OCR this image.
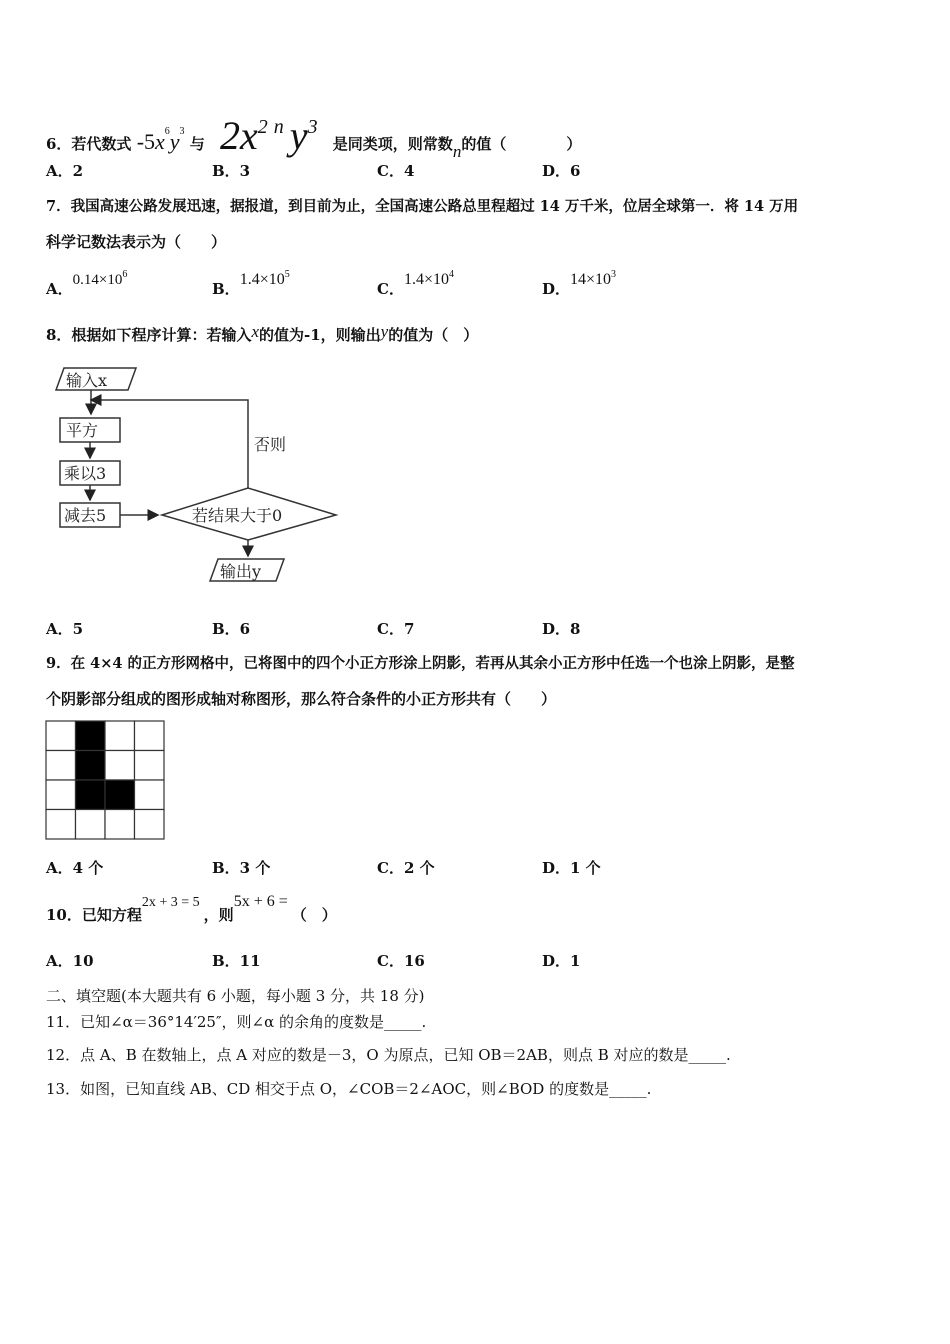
6．若代数式 $-5x^6y^3$ 与 2x2ny3 是同类项，则常数n的值（　　　　）
A．2	B．3	C．4	D．6
7．我国高速公路发展迅速，据报道，到目前为止，全国高速公路总里程超过 14 万千米，位居全球第一．将 14 万用
科学记数法表示为（　　）
A．$0.14\times 10^6$
B．$1.4\times 10^5$
C．$1.4\times 10^4$
D．$14\times 10^3$
8．根据如下程序计算：若输入x的值为-1，则输出y的值为（　）
输入x
否则
平方
乘以3
减去5	若结果大于0
输出y
A．5	B．6	C．7	D．8
9．在 4×4 的正方形网格中，已将图中的四个小正方形涂上阴影，若再从其余小正方形中任选一个也涂上阴影，是整
个阴影部分组成的图形成轴对称图形，那么符合条件的小正方形共有（　　）
A．4 个	B．3 个	C．2 个	D．1 个
10．已知方程2x + 3 = 5，则5x + 6 =（　）
A．10	B．11	C．16	D．1
二、填空题(本大题共有 6 小题，每小题 3 分，共 18 分)
11．已知∠α＝36°14′25″，则∠α 的余角的度数是_____.
12．点 A、B 在数轴上，点 A 对应的数是－3，O 为原点，已知 OB＝2AB，则点 B 对应的数是_____.
13．如图，已知直线 AB、CD 相交于点 O，∠COB＝2∠AOC，则∠BOD 的度数是_____.
